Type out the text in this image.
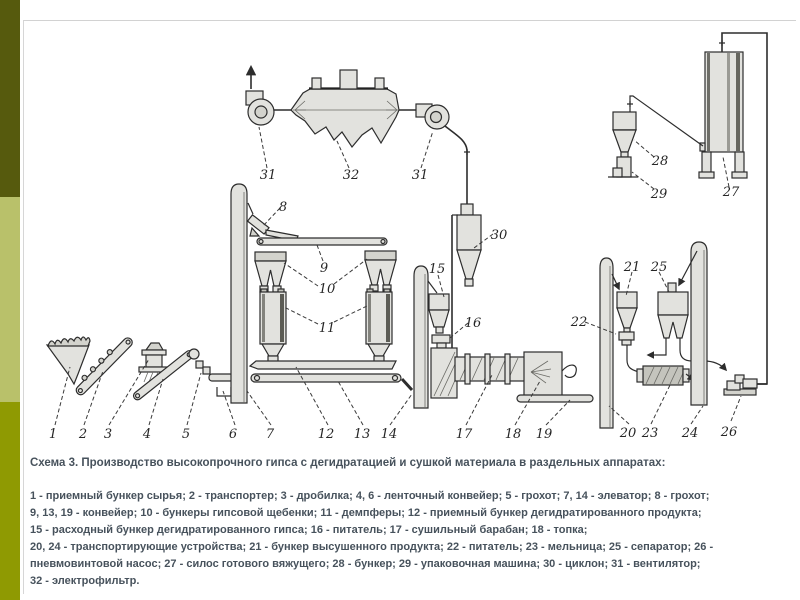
1 2 3 4 5	6 7	12 13 14	17 18 19	20 23 24 26
8
9
10
11
15
16
21 25
22
27
28
29
30
31	32	31
Схема 3. Производство высокопрочного гипса с дегидратацией и сушкой материала в раздельных аппаратах:
1 - приемный бункер сырья; 2 - транспортер; 3 - дробилка; 4, 6 - ленточный конвейер; 5 - грохот; 7, 14 - элеватор; 8 - грохот;
9, 13, 19 - конвейер; 10 - бункеры гипсовой щебенки; 11 - демпферы; 12 - приемный бункер дегидратированного продукта;
15 - расходный бункер дегидратированного гипса; 16 - питатель; 17 - сушильный барабан; 18 - топка;
20, 24 - транспортирующие устройства; 21 - бункер высушенного продукта; 22 - питатель; 23 - мельница; 25 - сепаратор; 26 -
пневмовинтовой насос; 27 - силос готового вяжущего; 28 - бункер; 29 - упаковочная машина; 30 - циклон; 31 - вентилятор;
32 - электрофильтр.
